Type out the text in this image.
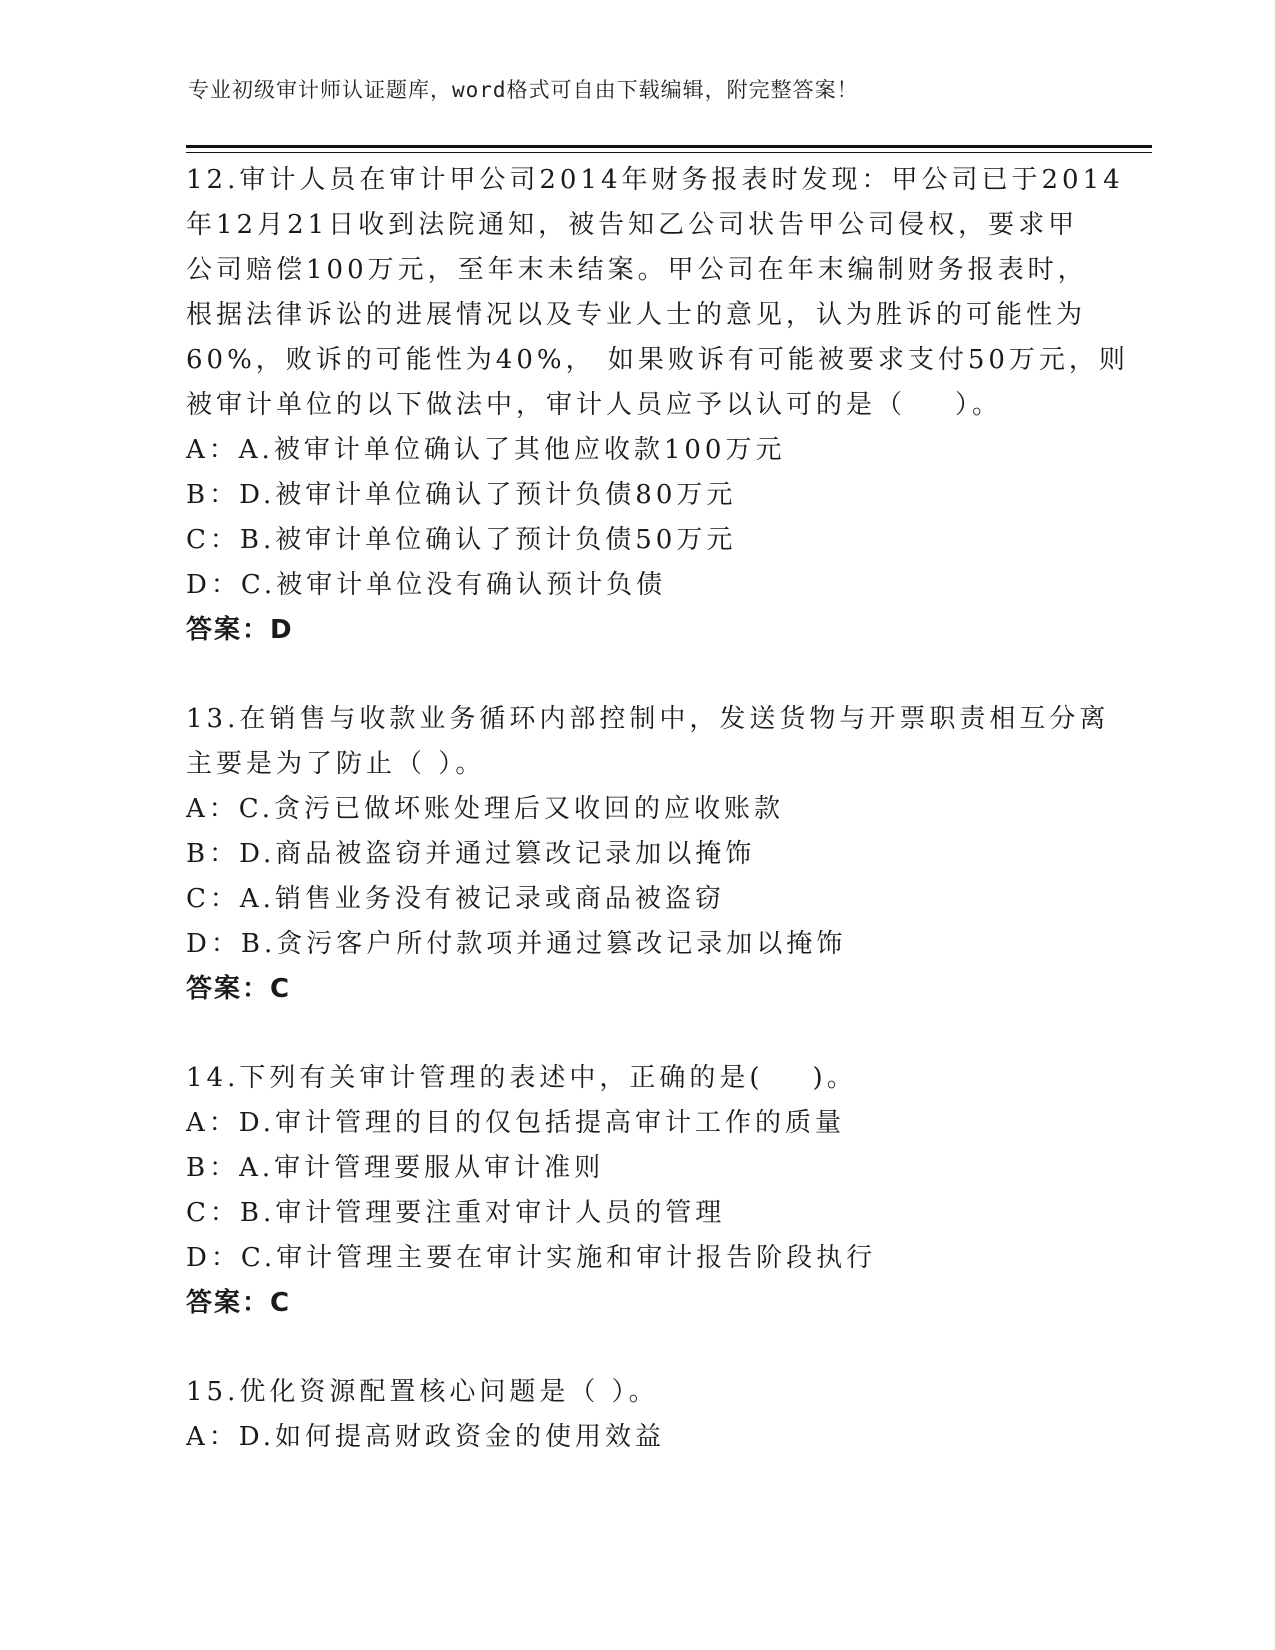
专业初级审计师认证题库，word格式可自由下载编辑，附完整答案！
12.审计人员在审计甲公司2014年财务报表时发现：甲公司已于2014
年12月21日收到法院通知，被告知乙公司状告甲公司侵权，要求甲
公司赔偿100万元，至年末未结案。甲公司在年末编制财务报表时，
根据法律诉讼的进展情况以及专业人士的意见，认为胜诉的可能性为
60%，败诉的可能性为40%， 如果败诉有可能被要求支付50万元，则
被审计单位的以下做法中，审计人员应予以认可的是（    ）。
A：A.被审计单位确认了其他应收款100万元
B：D.被审计单位确认了预计负债80万元
C：B.被审计单位确认了预计负债50万元
D：C.被审计单位没有确认预计负债
答案：D
13.在销售与收款业务循环内部控制中，发送货物与开票职责相互分离
主要是为了防止（ ）。
A：C.贪污已做坏账处理后又收回的应收账款
B：D.商品被盗窃并通过篡改记录加以掩饰
C：A.销售业务没有被记录或商品被盗窃
D：B.贪污客户所付款项并通过篡改记录加以掩饰
答案：C
14.下列有关审计管理的表述中，正确的是(    )。
A：D.审计管理的目的仅包括提高审计工作的质量
B：A.审计管理要服从审计准则
C：B.审计管理要注重对审计人员的管理
D：C.审计管理主要在审计实施和审计报告阶段执行
答案：C
15.优化资源配置核心问题是（ ）。
A：D.如何提高财政资金的使用效益
